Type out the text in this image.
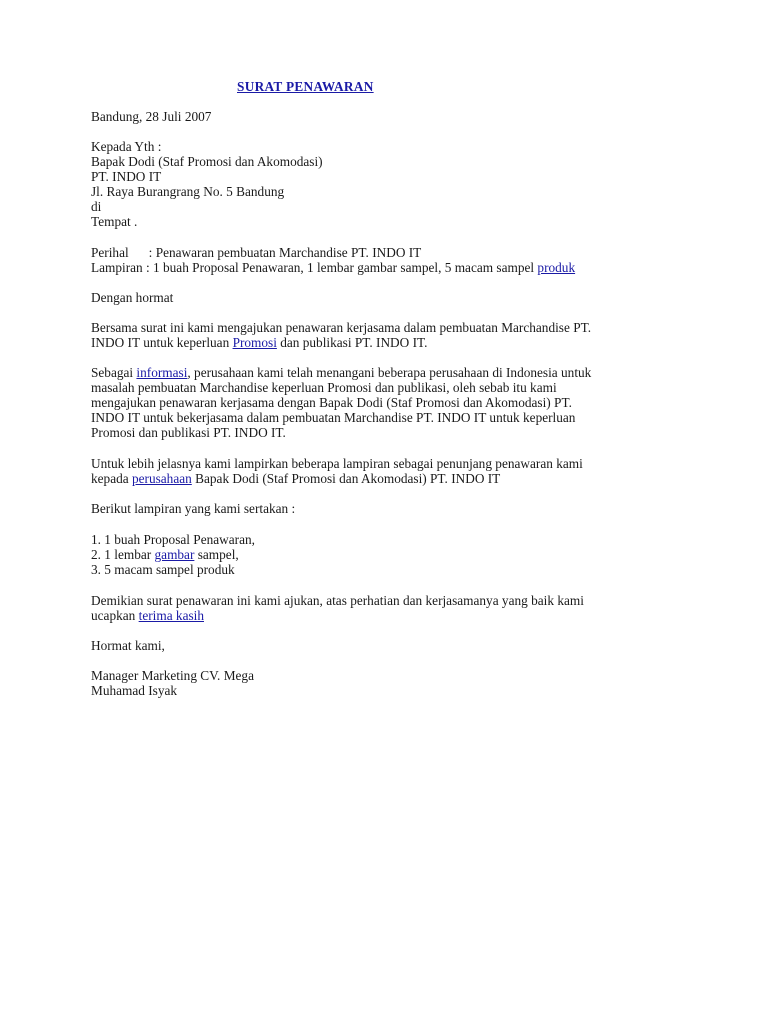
SURAT PENAWARAN
Bandung, 28 Juli 2007
Kepada Yth :
Bapak Dodi (Staf Promosi dan Akomodasi)
PT. INDO IT
Jl. Raya Burangrang No. 5 Bandung
di
Tempat .
Perihal : Penawaran pembuatan Marchandise PT. INDO IT
Lampiran : 1 buah Proposal Penawaran, 1 lembar gambar sampel, 5 macam sampel produk
Dengan hormat
Bersama surat ini kami mengajukan penawaran kerjasama dalam pembuatan Marchandise PT.
INDO IT untuk keperluan Promosi dan publikasi PT. INDO IT.
Sebagai informasi, perusahaan kami telah menangani beberapa perusahaan di Indonesia untuk
masalah pembuatan Marchandise keperluan Promosi dan publikasi, oleh sebab itu kami
mengajukan penawaran kerjasama dengan Bapak Dodi (Staf Promosi dan Akomodasi) PT.
INDO IT untuk bekerjasama dalam pembuatan Marchandise PT. INDO IT untuk keperluan
Promosi dan publikasi PT. INDO IT.
Untuk lebih jelasnya kami lampirkan beberapa lampiran sebagai penunjang penawaran kami
kepada perusahaan Bapak Dodi (Staf Promosi dan Akomodasi) PT. INDO IT
Berikut lampiran yang kami sertakan :
1. 1 buah Proposal Penawaran,
2. 1 lembar gambar sampel,
3. 5 macam sampel produk
Demikian surat penawaran ini kami ajukan, atas perhatian dan kerjasamanya yang baik kami
ucapkan terima kasih
Hormat kami,
Manager Marketing CV. Mega
Muhamad Isyak
